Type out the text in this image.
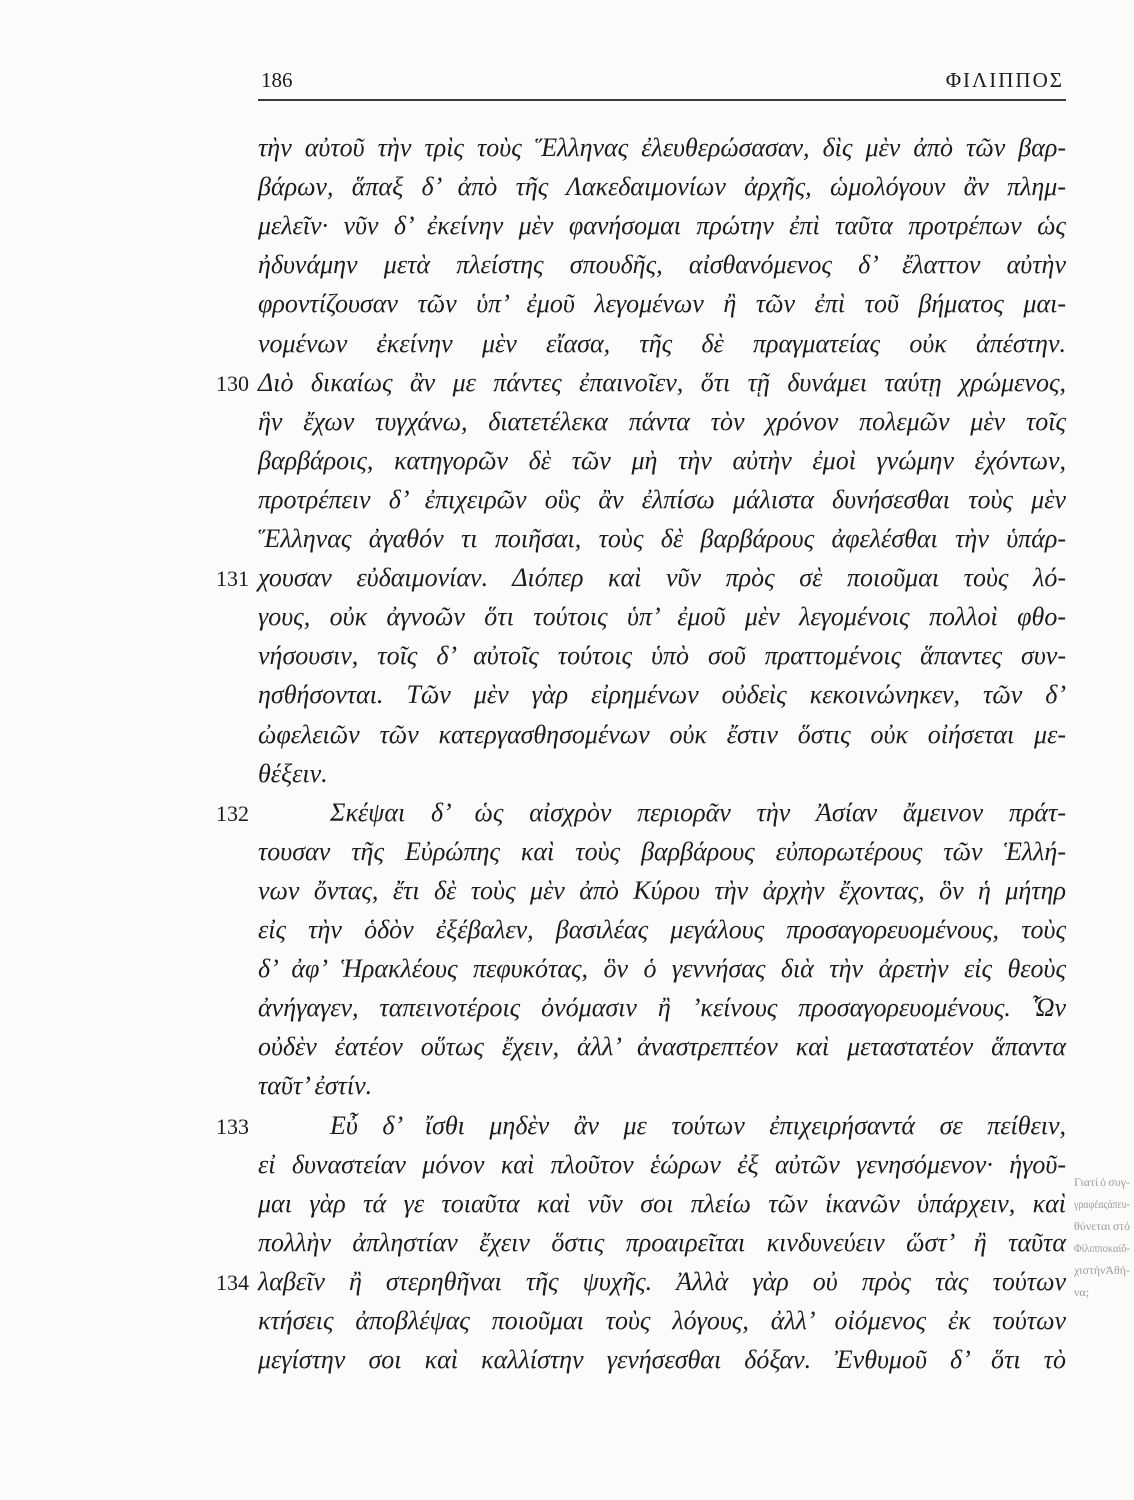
186	ΦΙΛΙΠΠΟΣ
τὴν αὐτοῦ τὴν τρὶς τοὺς Ἕλληνας ἐλευθερώσασαν, δὶς μὲν ἀπὸ τῶν βαρ-
βάρων, ἅπαξ δ’ ἀπὸ τῆς Λακεδαιμονίων ἀρχῆς, ὡμολόγουν ἂν πλημ-
μελεῖν· νῦν δ’ ἐκείνην μὲν φανήσομαι πρώτην ἐπὶ ταῦτα προτρέπων ὡς
ἠδυνάμην μετὰ πλείστης σπουδῆς, αἰσθανόμενος δ’ ἔλαττον αὐτὴν
φροντίζουσαν τῶν ὑπ’ ἐμοῦ λεγομένων ἢ τῶν ἐπὶ τοῦ βήματος μαι-
νομένων ἐκείνην μὲν εἴασα, τῆς δὲ πραγματείας οὐκ ἀπέστην.
130 Διὸ δικαίως ἂν με πάντες ἐπαινοῖεν, ὅτι τῇ δυνάμει ταύτῃ χρώμενος,
ἣν ἔχων τυγχάνω, διατετέλεκα πάντα τὸν χρόνον πολεμῶν μὲν τοῖς
βαρβάροις, κατηγορῶν δὲ τῶν μὴ τὴν αὐτὴν ἐμοὶ γνώμην ἐχόντων,
προτρέπειν δ’ ἐπιχειρῶν οὓς ἂν ἐλπίσω μάλιστα δυνήσεσθαι τοὺς μὲν
Ἕλληνας ἀγαθόν τι ποιῆσαι, τοὺς δὲ βαρβάρους ἀφελέσθαι τὴν ὑπάρ-
131 χουσαν εὐδαιμονίαν. Διόπερ καὶ νῦν πρὸς σὲ ποιοῦμαι τοὺς λό-
γους, οὐκ ἀγνοῶν ὅτι τούτοις ὑπ’ ἐμοῦ μὲν λεγομένοις πολλοὶ φθο-
νήσουσιν, τοῖς δ’ αὐτοῖς τούτοις ὑπὸ σοῦ πραττομένοις ἅπαντες συν-
ησθήσονται. Τῶν μὲν γὰρ εἰρημένων οὐδεὶς κεκοινώνηκεν, τῶν δ’
ὠφελειῶν τῶν κατεργασθησομένων οὐκ ἔστιν ὅστις οὐκ οἰήσεται με-
θέξειν.
132	Σκέψαι δ’ ὡς αἰσχρὸν περιορᾶν τὴν Ἀσίαν ἄμεινον πράτ-
τουσαν τῆς Εὐρώπης καὶ τοὺς βαρβάρους εὐπορωτέρους τῶν Ἑλλή-
νων ὄντας, ἔτι δὲ τοὺς μὲν ἀπὸ Κύρου τὴν ἀρχὴν ἔχοντας, ὃν ἡ μήτηρ
εἰς τὴν ὁδὸν ἐξέβαλεν, βασιλέας μεγάλους προσαγορευομένους, τοὺς
δ’ ἀφ’ Ἡρακλέους πεφυκότας, ὃν ὁ γεννήσας διὰ τὴν ἀρετὴν εἰς θεοὺς
ἀνήγαγεν, ταπεινοτέροις ὀνόμασιν ἢ ’κείνους προσαγορευομένους. Ὧν
οὐδὲν ἐατέον οὕτως ἔχειν, ἀλλ’ ἀναστρεπτέον καὶ μεταστατέον ἅπαντα
ταῦτ’ ἐστίν.
133	Εὖ δ’ ἴσθι μηδὲν ἂν με τούτων ἐπιχειρήσαντά σε πείθειν,
εἰ δυναστείαν μόνον καὶ πλοῦτον ἑώρων ἐξ αὐτῶν γενησόμενον· ἡγοῦ-
μαι γὰρ τά γε τοιαῦτα καὶ νῦν σοι πλείω τῶν ἱκανῶν ὑπάρχειν, καὶ
πολλὴν ἀπληστίαν ἔχειν ὅστις προαιρεῖται κινδυνεύειν ὥστ’ ἢ ταῦτα
134 λαβεῖν ἢ στερηθῆναι τῆς ψυχῆς. Ἀλλὰ γὰρ οὐ πρὸς τὰς τούτων
κτήσεις ἀποβλέψας ποιοῦμαι τοὺς λόγους, ἀλλ’ οἰόμενος ἐκ τούτων
μεγίστην σοι καὶ καλλίστην γενήσεσθαι δόξαν. Ἐνθυμοῦ δ’ ὅτι τὸ
Γιατί ὁ συγ-
γραφέας ἀπευ-
θύνεται στό
Φίλιππο καί ὄ-
χι στήν Ἀθή-
να;
